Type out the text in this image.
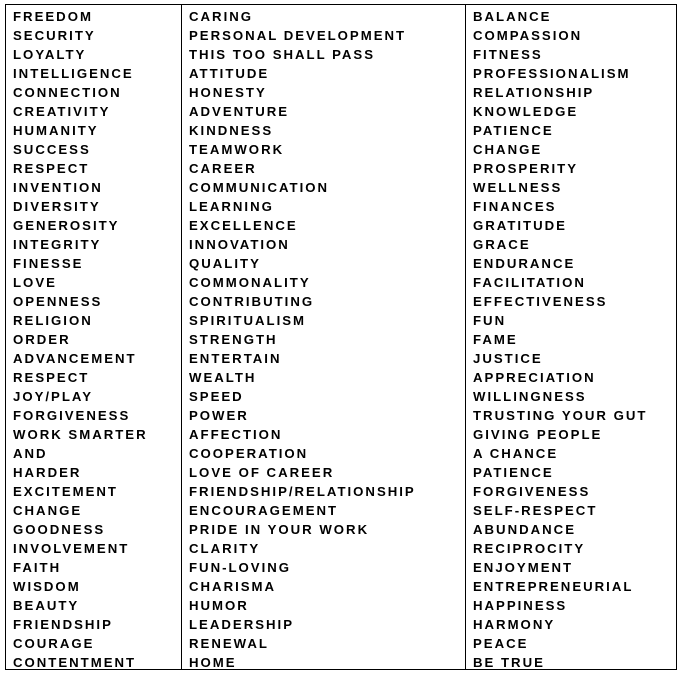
FREEDOM
SECURITY
LOYALTY
INTELLIGENCE
CONNECTION
CREATIVITY
HUMANITY
SUCCESS
RESPECT
INVENTION
DIVERSITY
GENEROSITY
INTEGRITY
FINESSE
LOVE
OPENNESS
RELIGION
ORDER
ADVANCEMENT
RESPECT
JOY/PLAY
FORGIVENESS
WORK SMARTER
AND
HARDER
EXCITEMENT
CHANGE
GOODNESS
INVOLVEMENT
FAITH
WISDOM
BEAUTY
FRIENDSHIP
COURAGE
CONTENTMENT
CARING
PERSONAL DEVELOPMENT
THIS TOO SHALL PASS
ATTITUDE
HONESTY
ADVENTURE
KINDNESS
TEAMWORK
CAREER
COMMUNICATION
LEARNING
EXCELLENCE
INNOVATION
QUALITY
COMMONALITY
CONTRIBUTING
SPIRITUALISM
STRENGTH
ENTERTAIN
WEALTH
SPEED
POWER
AFFECTION
COOPERATION
LOVE OF CAREER
FRIENDSHIP/RELATIONSHIP
ENCOURAGEMENT
PRIDE IN YOUR WORK
CLARITY
FUN-LOVING
CHARISMA
HUMOR
LEADERSHIP
RENEWAL
HOME
BALANCE
COMPASSION
FITNESS
PROFESSIONALISM
RELATIONSHIP
KNOWLEDGE
PATIENCE
CHANGE
PROSPERITY
WELLNESS
FINANCES
GRATITUDE
GRACE
ENDURANCE
FACILITATION
EFFECTIVENESS
FUN
FAME
JUSTICE
APPRECIATION
WILLINGNESS
TRUSTING YOUR GUT
GIVING PEOPLE
A CHANCE
PATIENCE
FORGIVENESS
SELF-RESPECT
ABUNDANCE
RECIPROCITY
ENJOYMENT
ENTREPRENEURIAL
HAPPINESS
HARMONY
PEACE
BE TRUE
